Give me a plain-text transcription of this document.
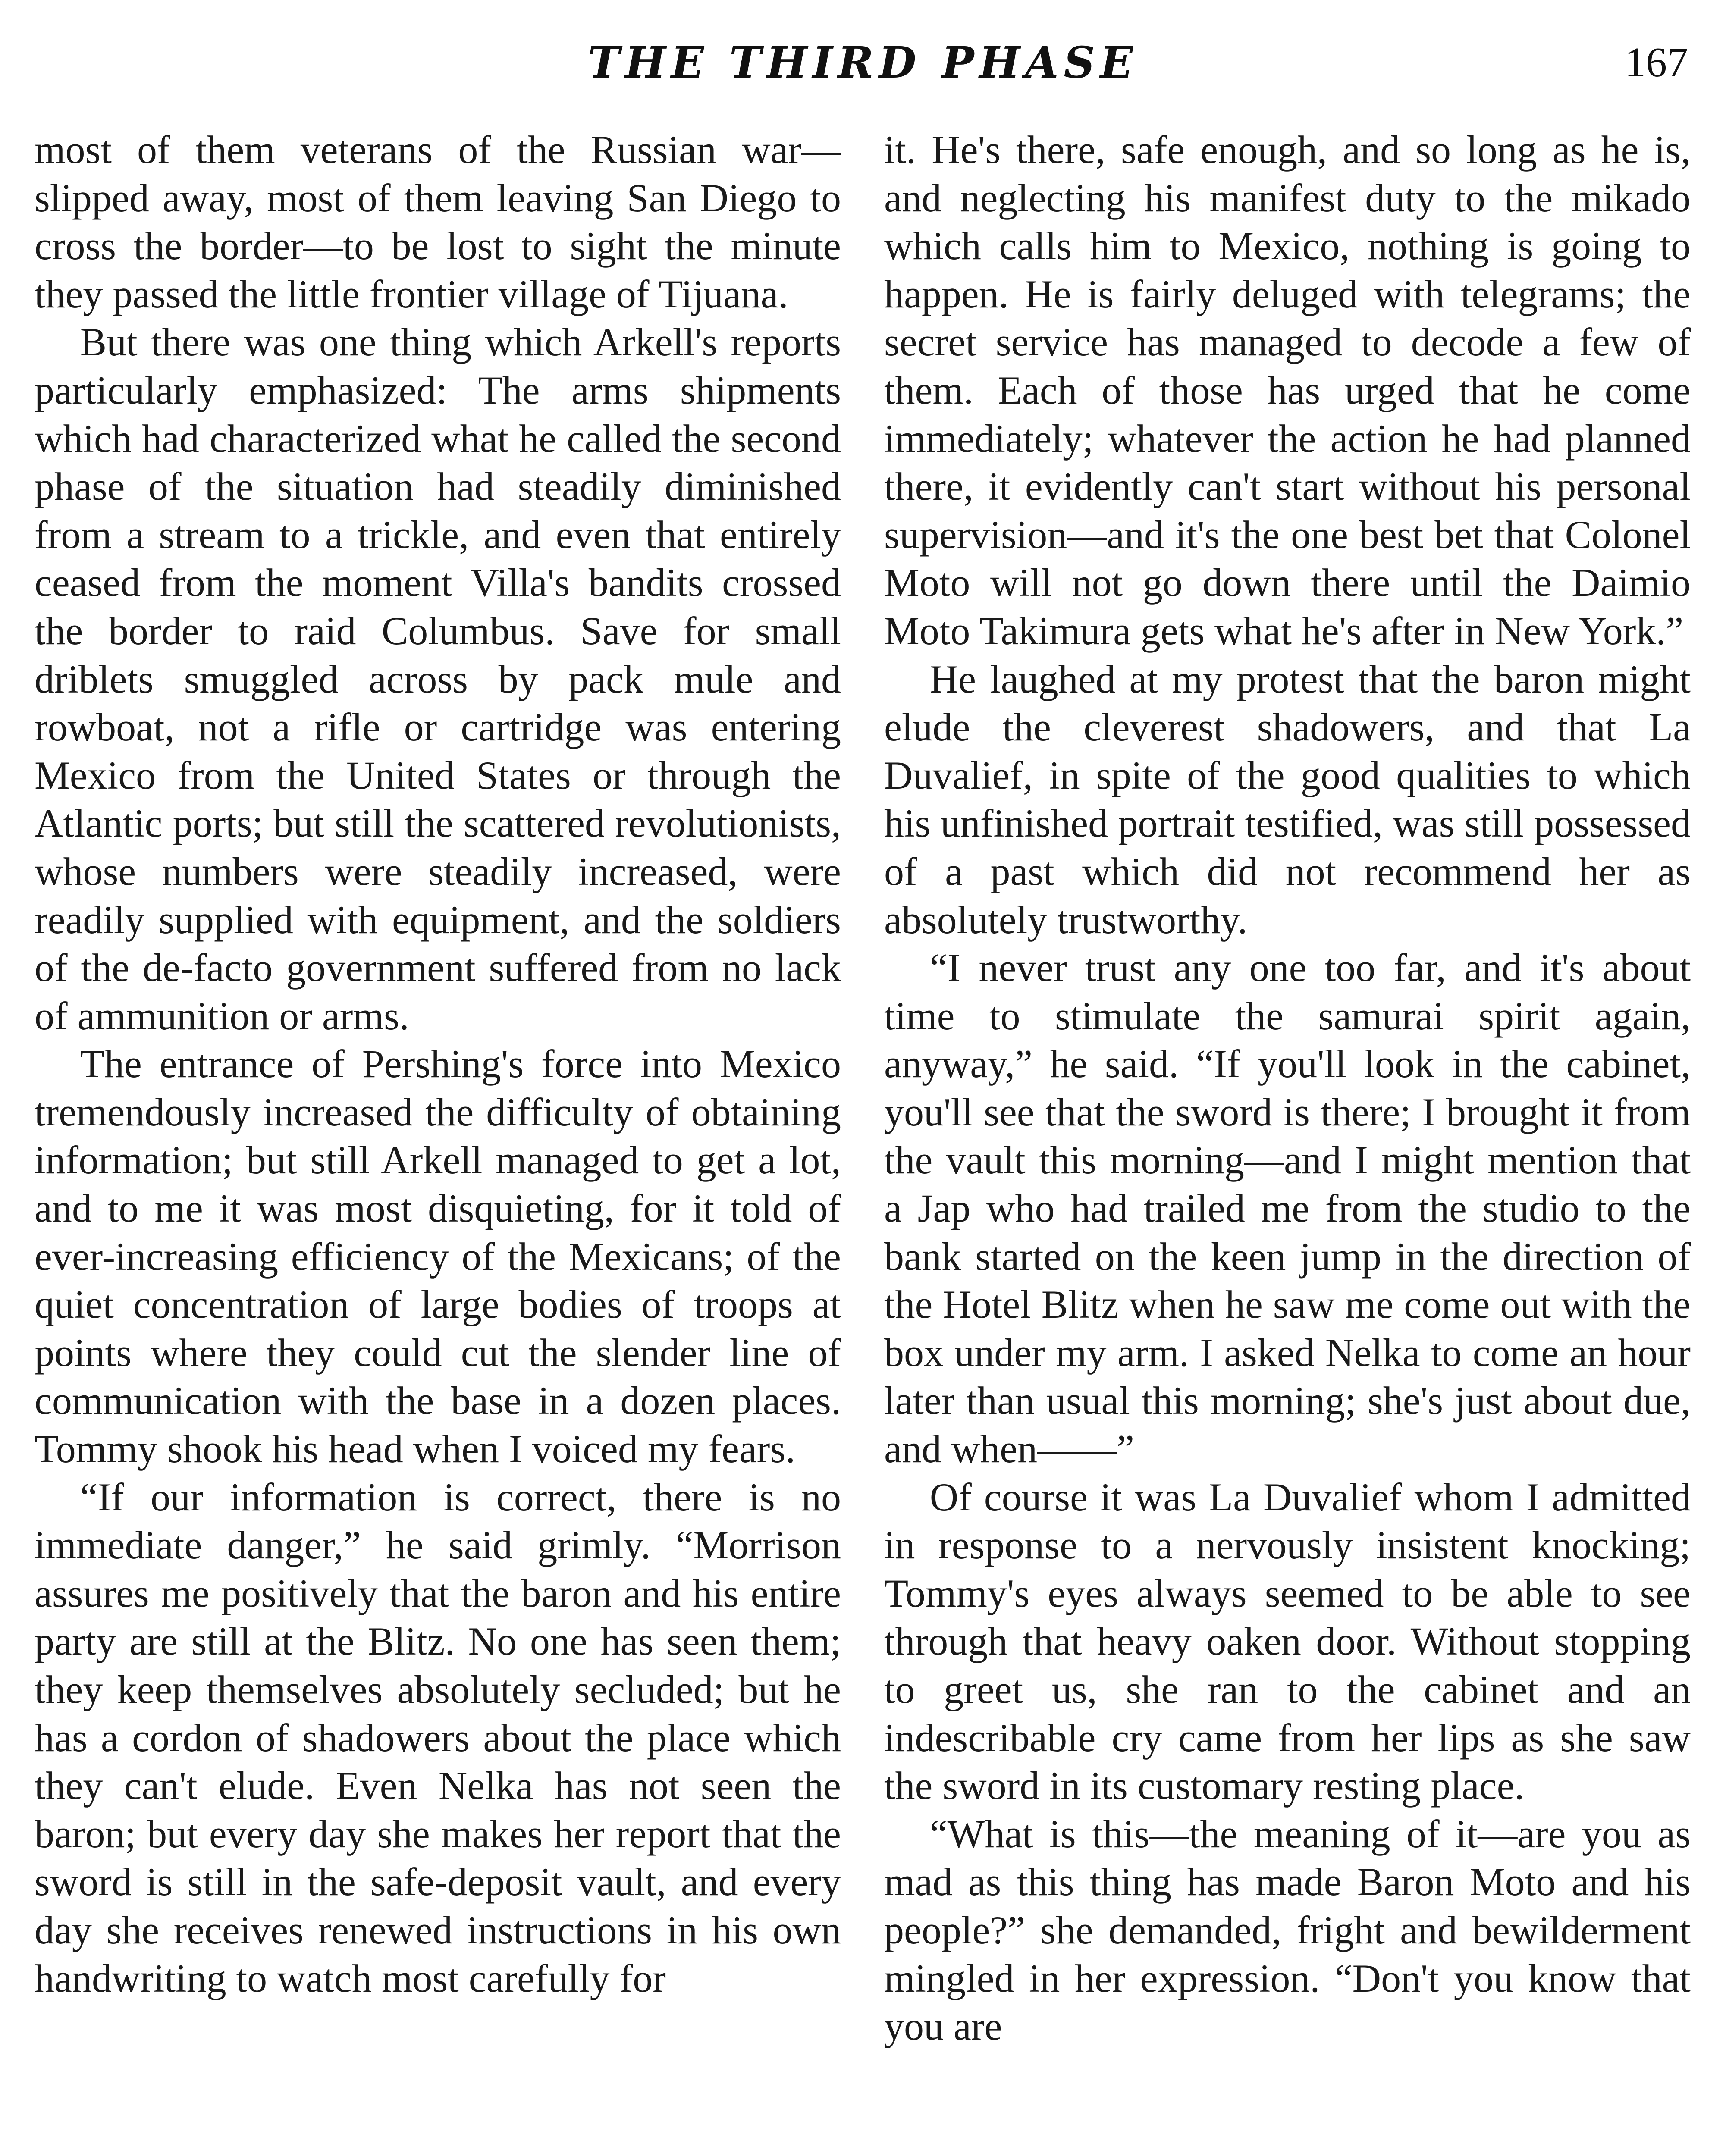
THE THIRD PHASE	167

most of them veterans of the Russian war—slipped away, most of them leaving San Diego to cross the border—to be lost to sight the minute they passed the little frontier village of Tijuana.

But there was one thing which Arkell's reports particularly emphasized: The arms shipments which had characterized what he called the second phase of the situation had steadily diminished from a stream to a trickle, and even that entirely ceased from the moment Villa's bandits crossed the border to raid Columbus. Save for small driblets smuggled across by pack mule and rowboat, not a rifle or cartridge was entering Mexico from the United States or through the Atlantic ports; but still the scattered revolutionists, whose numbers were steadily increased, were readily supplied with equipment, and the soldiers of the de-facto government suffered from no lack of ammunition or arms.

The entrance of Pershing's force into Mexico tremendously increased the difficulty of obtaining information; but still Arkell managed to get a lot, and to me it was most disquieting, for it told of ever-increasing efficiency of the Mexicans; of the quiet concentration of large bodies of troops at points where they could cut the slender line of communication with the base in a dozen places. Tommy shook his head when I voiced my fears.

“If our information is correct, there is no immediate danger,” he said grimly. “Morrison assures me positively that the baron and his entire party are still at the Blitz. No one has seen them; they keep themselves absolutely secluded; but he has a cordon of shadowers about the place which they can't elude. Even Nelka has not seen the baron; but every day she makes her report that the sword is still in the safe-deposit vault, and every day she receives renewed instructions in his own handwriting to watch most carefully for

it. He's there, safe enough, and so long as he is, and neglecting his manifest duty to the mikado which calls him to Mexico, nothing is going to happen. He is fairly deluged with telegrams; the secret service has managed to decode a few of them. Each of those has urged that he come immediately; whatever the action he had planned there, it evidently can't start without his personal supervision—and it's the one best bet that Colonel Moto will not go down there until the Daimio Moto Takimura gets what he's after in New York.”

He laughed at my protest that the baron might elude the cleverest shadowers, and that La Duvalief, in spite of the good qualities to which his unfinished portrait testified, was still possessed of a past which did not recommend her as absolutely trustworthy.

“I never trust any one too far, and it's about time to stimulate the samurai spirit again, anyway,” he said. “If you'll look in the cabinet, you'll see that the sword is there; I brought it from the vault this morning—and I might mention that a Jap who had trailed me from the studio to the bank started on the keen jump in the direction of the Hotel Blitz when he saw me come out with the box under my arm. I asked Nelka to come an hour later than usual this morning; she's just about due, and when——”

Of course it was La Duvalief whom I admitted in response to a nervously insistent knocking; Tommy's eyes always seemed to be able to see through that heavy oaken door. Without stopping to greet us, she ran to the cabinet and an indescribable cry came from her lips as she saw the sword in its customary resting place.

“What is this—the meaning of it—are you as mad as this thing has made Baron Moto and his people?” she demanded, fright and bewilderment mingled in her expression. “Don't you know that you are
